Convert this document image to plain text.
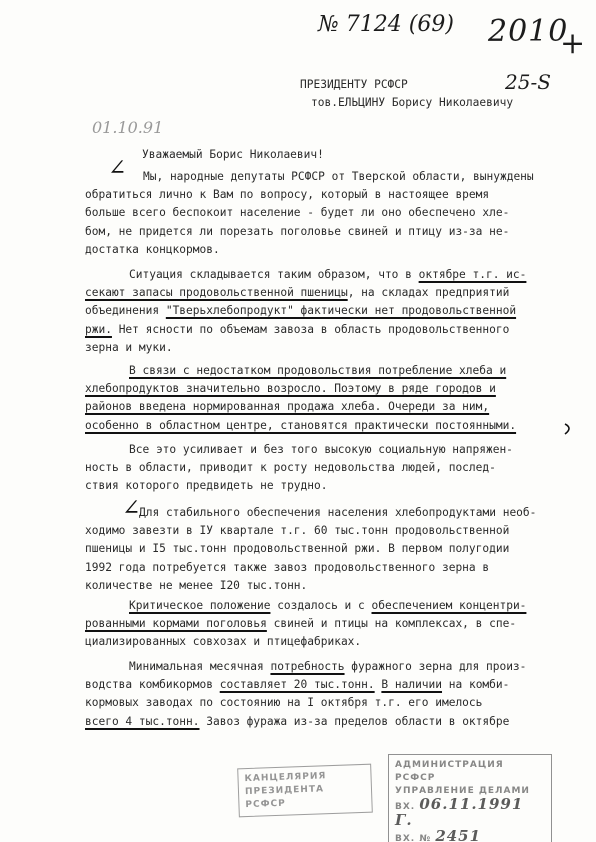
№ 7124 (69) 2010
+
25-S
01.10.91
ПРЕЗИДЕНТУ РСФСР
тов.ЕЛЬЦИНУ Борису Николаевичу
Уважаемый Борис Николаевич!
∠
∠
Мы, народные депутаты РСФСР от Тверской области, вынуждены
обратиться лично к Вам по вопросу, который в настоящее время
больше всего беспокоит население - будет ли оно обеспечено хле-
бом, не придется ли порезать поголовье свиней и птицу из-за не-
достатка концкормов.
Ситуация складывается таким образом, что в октябре т.г. ис-
секают запасы продовольственной пшеницы, на складах предприятий
объединения "Тверьхлебопродукт" фактически нет продовольственной
ржи. Нет ясности по объемам завоза в область продовольственного
зерна и муки.
В связи с недостатком продовольствия потребление хлеба и
хлебопродуктов значительно возросло. Поэтому в ряде городов и
районов введена нормированная продажа хлеба. Очереди за ним,
особенно в областном центре, становятся практически постоянными.
Все это усиливает и без того высокую социальную напряжен-
ность в области, приводит к росту недовольства людей, послед-
ствия которого предвидеть не трудно.
Для стабильного обеспечения населения хлебопродуктами необ-
ходимо завезти в IУ квартале т.г. 60 тыс.тонн продовольственной
пшеницы и I5 тыс.тонн продовольственной ржи. В первом полугодии
1992 года потребуется также завоз продовольственного зерна в
количестве не менее I20 тыс.тонн.
Критическое положение создалось и с обеспечением концентри-
рованными кормами поголовья свиней и птицы на комплексах, в спе-
циализированных совхозах и птицефабриках.
Минимальная месячная потребность фуражного зерна для произ-
водства комбикормов составляет 20 тыс.тонн. В наличии на комби-
кормовых заводах по состоянию на I октября т.г. его имелось
всего 4 тыс.тонн. Завоз фуража из-за пределов области в октябре
КАНЦЕЛЯРИЯ
ПРЕЗИДЕНТА
РСФСР
АДМИНИСТРАЦИЯ РСФСР
УПРАВЛЕНИЕ ДЕЛАМИ
ВХ. 06.11.1991 Г.
ВХ. № 2451
